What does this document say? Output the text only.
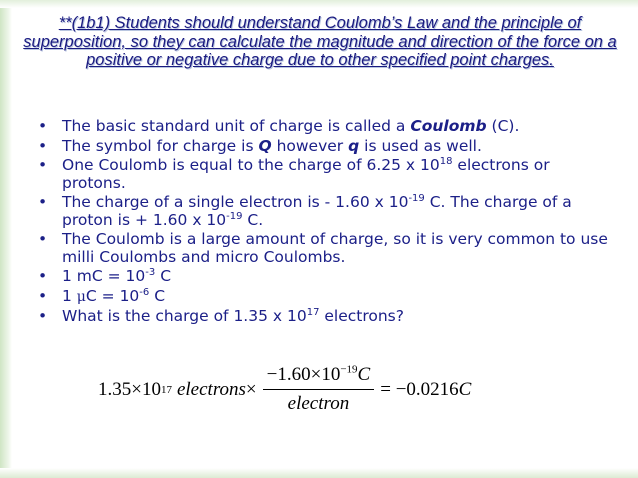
**(1b1) Students should understand Coulomb’s Law and the principle of superposition, so they can calculate the magnitude and direction of the force on a positive or negative charge due to other specified point charges.
• The basic standard unit of charge is called a Coulomb (C).
• The symbol for charge is Q however q is used as well.
• One Coulomb is equal to the charge of 6.25 x $10^{18}$ electrons or protons.
• The charge of a single electron is - 1.60 x $10^{-19}$ C. The charge of a proton is + 1.60 x $10^{-19}$ C.
• The Coulomb is a large amount of charge, so it is very common to use milli Coulombs and micro Coulombs.
• 1 mC = $10^{-3}$ C
• 1 $\mu C = 10^{-6}$ C
• What is the charge of 1.35 x $10^{17}$ electrons?
1.35×10 17 electrons × $\frac{-1.60\times 10^{-19}C}{\text{electron}} = -0.0216$ C
